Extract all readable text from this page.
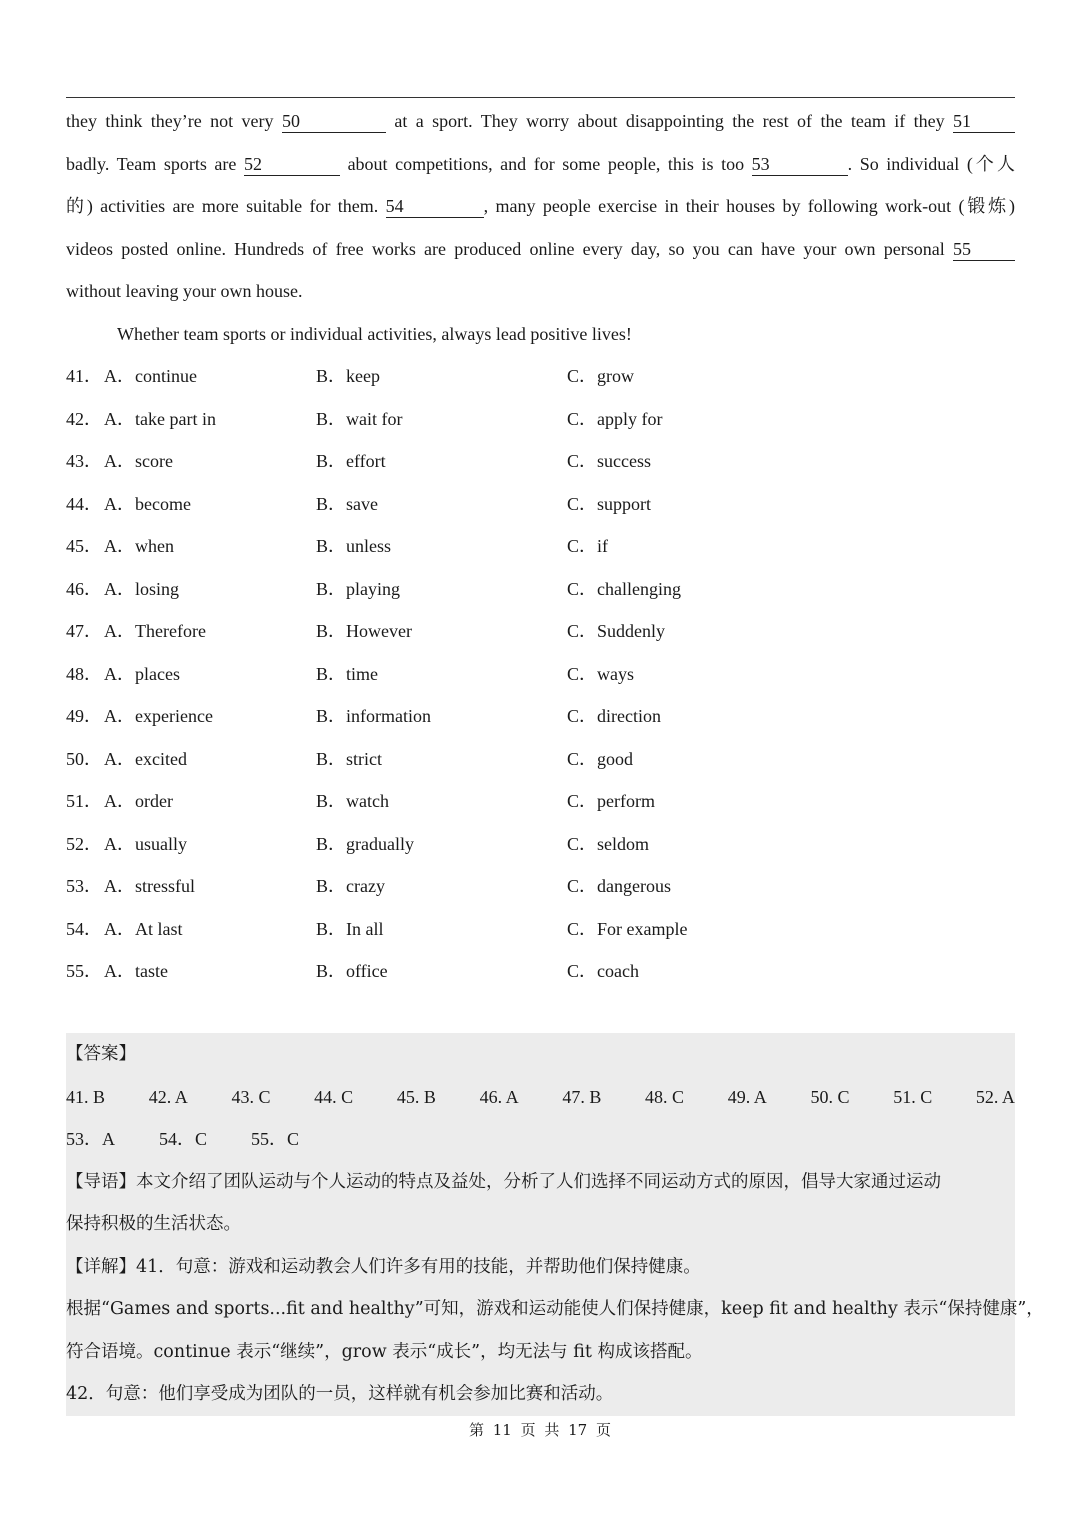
they think they’re not very 50	at a sport. They worry about disappointing the rest of the team if they 51
badly. Team sports are 52	about competitions, and for some people, this is too 53	. So individual (个人
的) activities are more suitable for them. 54	, many people exercise in their houses by following work-out (锻炼)
videos posted online. Hundreds of free works are produced online every day, so you can have your own personal 55
without leaving your own house.
Whether team sports or individual activities, always lead positive lives!
41． A．continue	B．keep	C．grow
42． A．take part in	B．wait for	C．apply for
43． A．score	B．effort	C．success
44． A．become	B．save	C．support
45． A．when	B．unless	C．if
46． A．losing	B．playing	C．challenging
47． A．Therefore	B．However	C．Suddenly
48． A．places	B．time	C．ways
49． A．experience	B．information	C．direction
50． A．excited	B．strict	C．good
51． A．order	B．watch	C．perform
52． A．usually	B．gradually	C．seldom
53． A．stressful	B．crazy	C．dangerous
54． A．At last	B．In all	C．For example
55． A．taste	B．office	C．coach
【答案】
41. B 42. A 43. C 44. C 45. B 46. A 47. B 48. C 49. A 50. C 51. C 52. A
53．A 54．C 55．C
【导语】本文介绍了团队运动与个人运动的特点及益处，分析了人们选择不同运动方式的原因，倡导大家通过运动
保持积极的生活状态。
【详解】41．句意：游戏和运动教会人们许多有用的技能，并帮助他们保持健康。
根据“Games and sports...fit and healthy”可知，游戏和运动能使人们保持健康，keep fit and healthy 表示“保持健康”，
符合语境。continue 表示“继续”，grow 表示“成长”，均无法与 fit 构成该搭配。
42．句意：他们享受成为团队的一员，这样就有机会参加比赛和活动。
第 11 页 共 17 页
